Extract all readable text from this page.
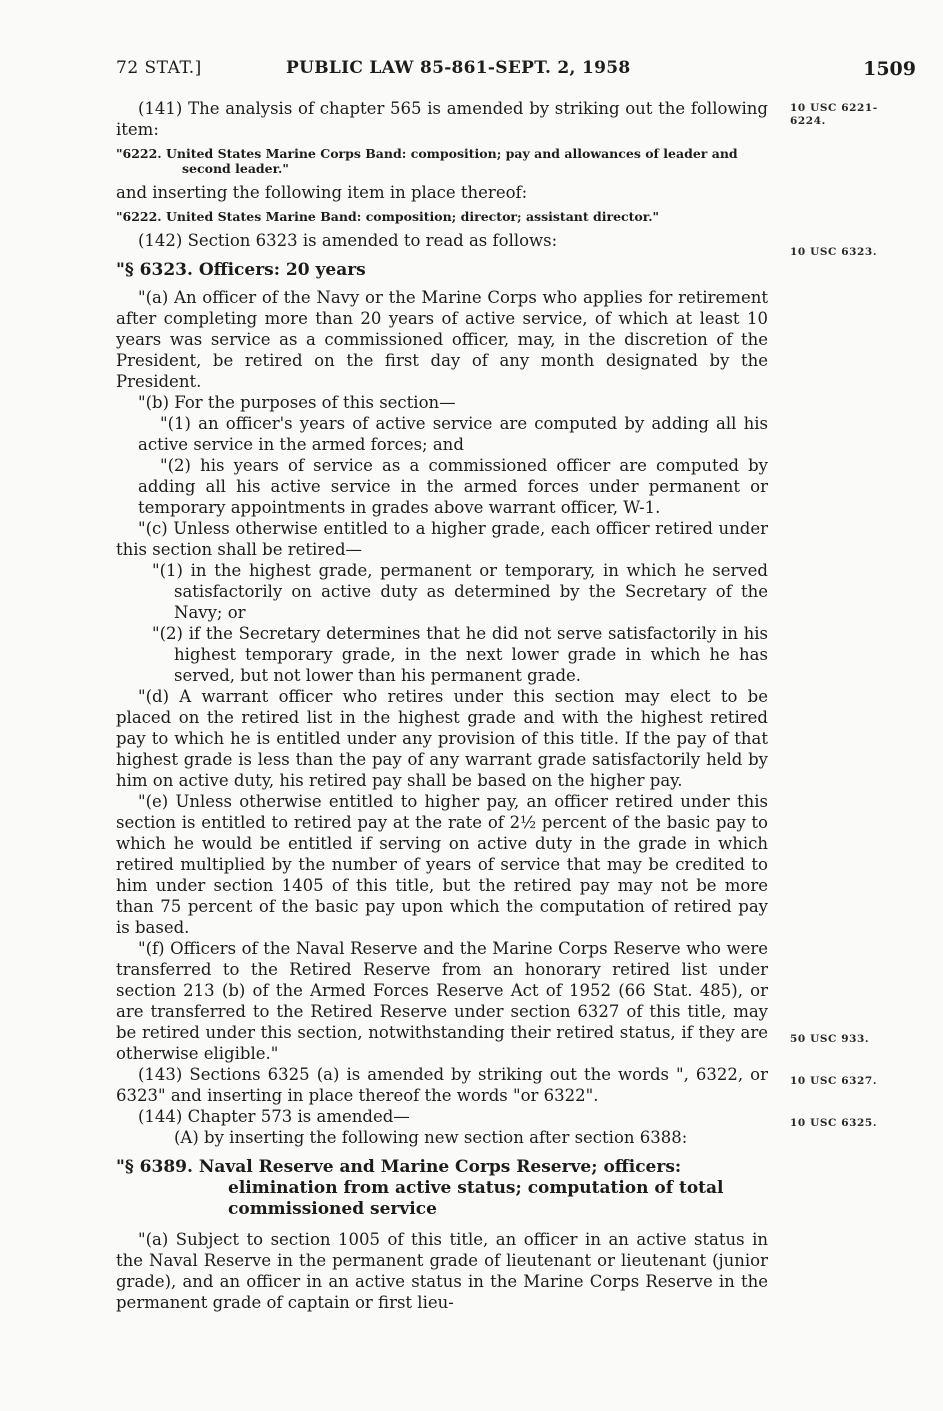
72 STAT.]	PUBLIC LAW 85-861-SEPT. 2, 1958	1509

(141) The analysis of chapter 565 is amended by striking out the following item:

"6222. United States Marine Corps Band: composition; pay and allowances of leader and second leader."

and inserting the following item in place thereof:

"6222. United States Marine Band: composition; director; assistant director."

(142) Section 6323 is amended to read as follows:

"§ 6323. Officers: 20 years

"(a) An officer of the Navy or the Marine Corps who applies for retirement after completing more than 20 years of active service, of which at least 10 years was service as a commissioned officer, may, in the discretion of the President, be retired on the first day of any month designated by the President.

"(b) For the purposes of this section—

"(1) an officer's years of active service are computed by adding all his active service in the armed forces; and

"(2) his years of service as a commissioned officer are computed by adding all his active service in the armed forces under permanent or temporary appointments in grades above warrant officer, W-1.

"(c) Unless otherwise entitled to a higher grade, each officer retired under this section shall be retired—

"(1) in the highest grade, permanent or temporary, in which he served satisfactorily on active duty as determined by the Secretary of the Navy; or

"(2) if the Secretary determines that he did not serve satisfactorily in his highest temporary grade, in the next lower grade in which he has served, but not lower than his permanent grade.

"(d) A warrant officer who retires under this section may elect to be placed on the retired list in the highest grade and with the highest retired pay to which he is entitled under any provision of this title. If the pay of that highest grade is less than the pay of any warrant grade satisfactorily held by him on active duty, his retired pay shall be based on the higher pay.

"(e) Unless otherwise entitled to higher pay, an officer retired under this section is entitled to retired pay at the rate of 2½ percent of the basic pay to which he would be entitled if serving on active duty in the grade in which retired multiplied by the number of years of service that may be credited to him under section 1405 of this title, but the retired pay may not be more than 75 percent of the basic pay upon which the computation of retired pay is based.

"(f) Officers of the Naval Reserve and the Marine Corps Reserve who were transferred to the Retired Reserve from an honorary retired list under section 213 (b) of the Armed Forces Reserve Act of 1952 (66 Stat. 485), or are transferred to the Retired Reserve under section 6327 of this title, may be retired under this section, notwithstanding their retired status, if they are otherwise eligible."

(143) Sections 6325 (a) is amended by striking out the words ", 6322, or 6323" and inserting in place thereof the words "or 6322".

(144) Chapter 573 is amended—

(A) by inserting the following new section after section 6388:

"§ 6389. Naval Reserve and Marine Corps Reserve; officers: elimination from active status; computation of total commissioned service

"(a) Subject to section 1005 of this title, an officer in an active status in the Naval Reserve in the permanent grade of lieutenant or lieutenant (junior grade), and an officer in an active status in the Marine Corps Reserve in the permanent grade of captain or first lieu-

10 USC 6221-6224.
10 USC 6323.
50 USC 933.
10 USC 6327.
10 USC 6325.
